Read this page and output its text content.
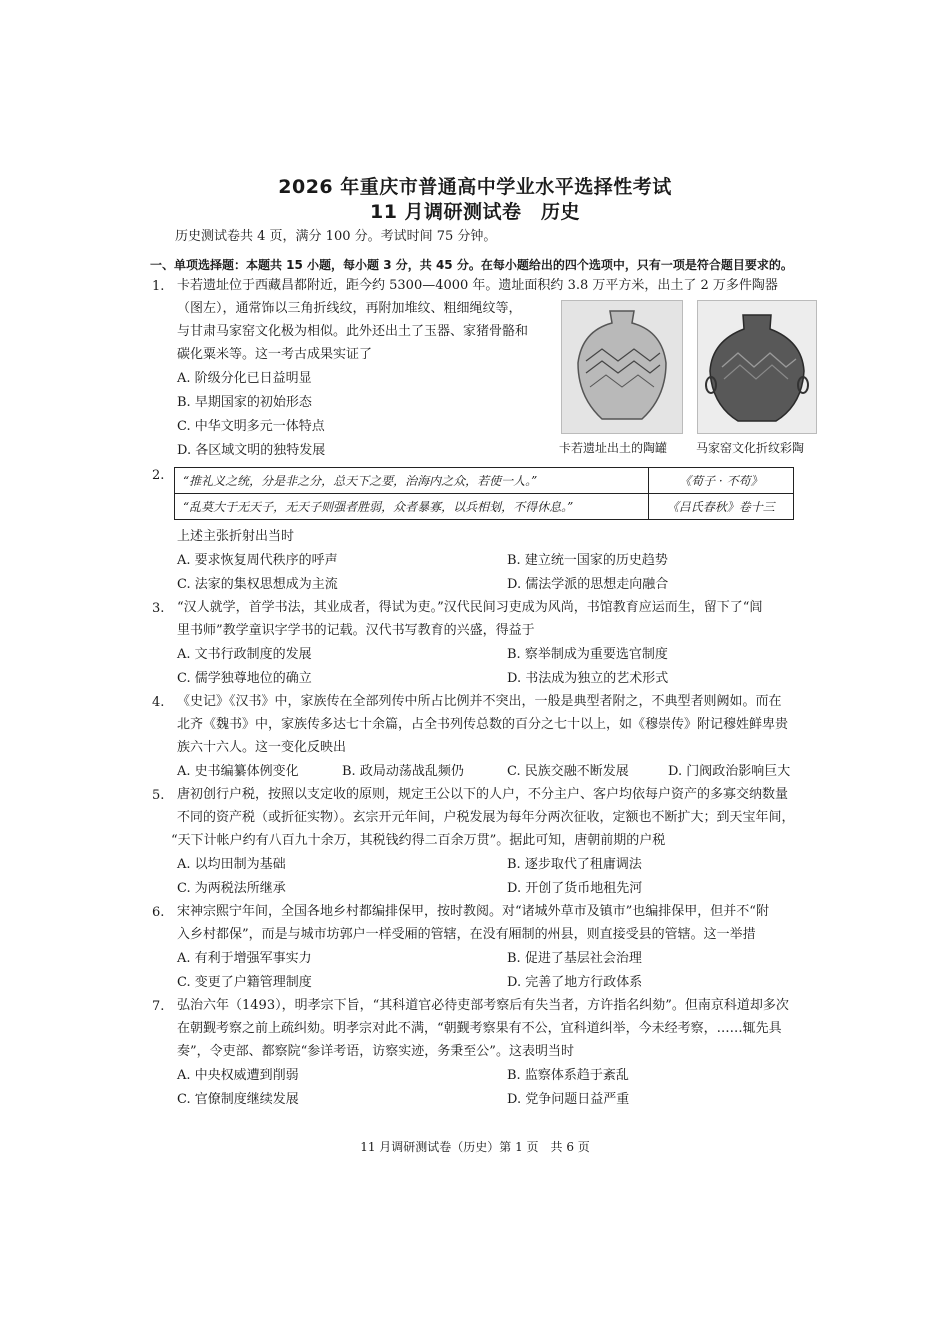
2026 年重庆市普通高中学业水平选择性考试
11 月调研测试卷　历史
历史测试卷共 4 页，满分 100 分。考试时间 75 分钟。
一、单项选择题：本题共 15 小题，每小题 3 分，共 45 分。在每小题给出的四个选项中，只有一项是符合题目要求的。
1. 卡若遗址位于西藏昌都附近，距今约 5300—4000 年。遗址面积约 3.8 万平方米，出土了 2 万多件陶器
（图左），通常饰以三角折线纹，再附加堆纹、粗细绳纹等，
与甘肃马家窑文化极为相似。此外还出土了玉器、家猪骨骼和
碳化粟米等。这一考古成果实证了
A. 阶级分化已日益明显
B. 早期国家的初始形态
C. 中华文明多元一体特点
D. 各区域文明的独特发展	卡若遗址出土的陶罐 马家窑文化折纹彩陶
2. “推礼义之统，分是非之分，总天下之要，治海内之众，若使一人。”	《荀子 · 不苟》
“乱莫大于无天子，无天子则强者胜弱，众者暴寡，以兵相刬，不得休息。”	《吕氏春秋》卷十三
上述主张折射出当时
A. 要求恢复周代秩序的呼声	B. 建立统一国家的历史趋势
C. 法家的集权思想成为主流	D. 儒法学派的思想走向融合
3. “汉人就学，首学书法，其业成者，得试为吏。”汉代民间习吏成为风尚，书馆教育应运而生，留下了“闾
里书师”教学童识字学书的记载。汉代书写教育的兴盛，得益于
A. 文书行政制度的发展	B. 察举制成为重要选官制度
C. 儒学独尊地位的确立	D. 书法成为独立的艺术形式
4. 《史记》《汉书》中，家族传在全部列传中所占比例并不突出，一般是典型者附之，不典型者则阙如。而在
北齐《魏书》中，家族传多达七十余篇，占全书列传总数的百分之七十以上，如《穆崇传》附记穆姓鲜卑贵
族六十六人。这一变化反映出
A. 史书编纂体例变化	B. 政局动荡战乱频仍	C. 民族交融不断发展	D. 门阀政治影响巨大
5. 唐初创行户税，按照以支定收的原则，规定王公以下的人户，不分主户、客户均依每户资产的多寡交纳数量
不同的资产税（或折征实物）。玄宗开元年间，户税发展为每年分两次征收，定额也不断扩大；到天宝年间，
“天下计帐户约有八百九十余万，其税钱约得二百余万贯”。据此可知，唐朝前期的户税
A. 以均田制为基础	B. 逐步取代了租庸调法
C. 为两税法所继承	D. 开创了货币地租先河
6. 宋神宗熙宁年间，全国各地乡村都编排保甲，按时教阅。对“诸城外草市及镇市”也编排保甲，但并不“附
入乡村都保”，而是与城市坊郭户一样受厢的管辖，在没有厢制的州县，则直接受县的管辖。这一举措
A. 有利于增强军事实力	B. 促进了基层社会治理
C. 变更了户籍管理制度	D. 完善了地方行政体系
7. 弘治六年（1493），明孝宗下旨，“其科道官必待吏部考察后有失当者，方许指名纠劾”。但南京科道却多次
在朝觐考察之前上疏纠劾。明孝宗对此不满，“朝觐考察果有不公，宜科道纠举，今未经考察，……辄先具
奏”，令吏部、都察院“参详考语，访察实迹，务秉至公”。这表明当时
A. 中央权威遭到削弱	B. 监察体系趋于紊乱
C. 官僚制度继续发展	D. 党争问题日益严重
11 月调研测试卷（历史）第 1 页　共 6 页
